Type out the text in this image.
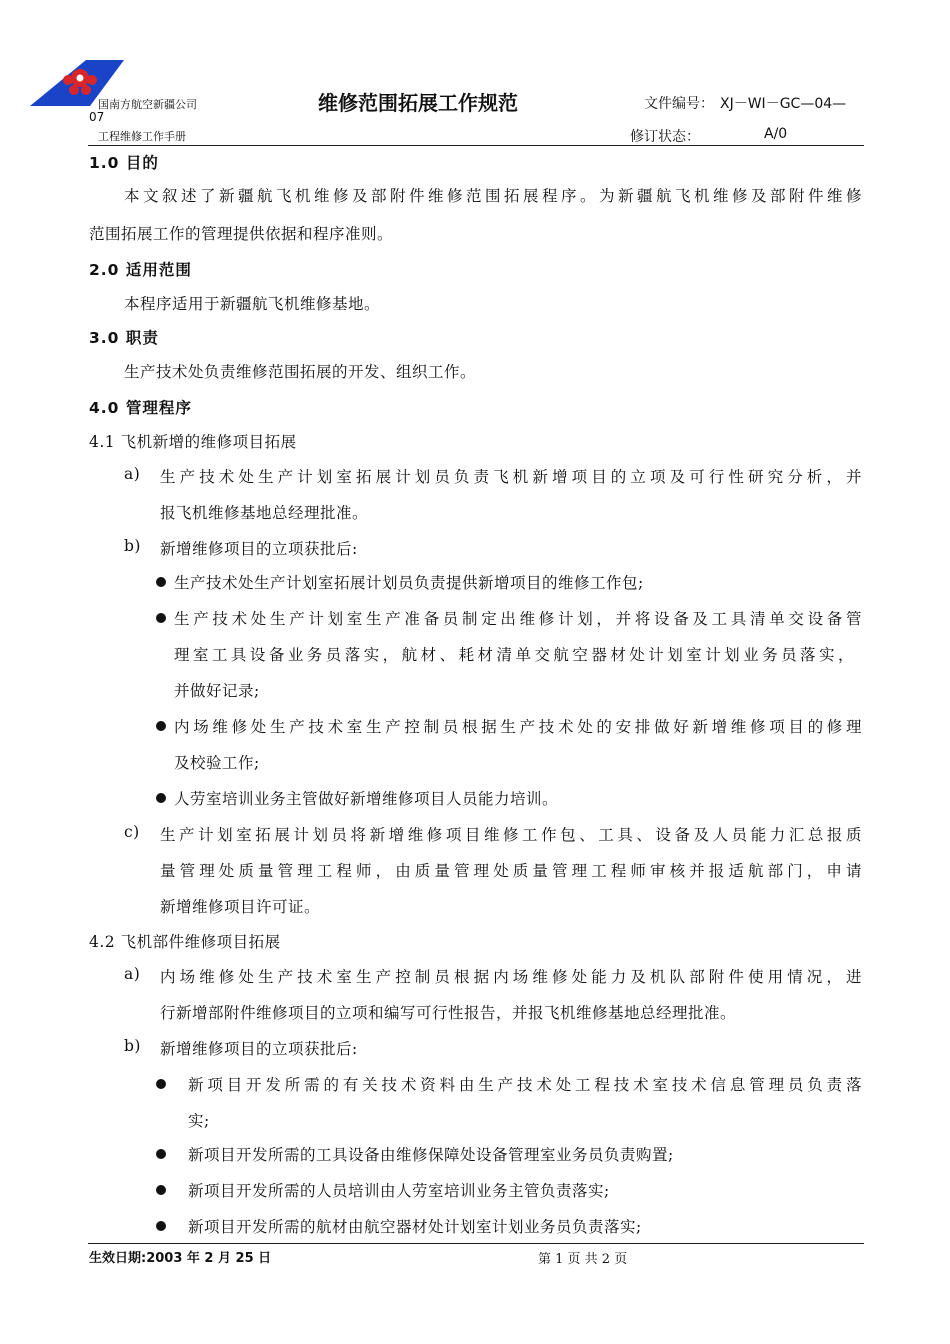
国南方航空新疆公司	维修范围拓展工作规范	文件编号： XJ－WI－GC—04—
07
工程维修工作手册	修订状态：	A/0
1.0 目的
本文叙述了新疆航飞机维修及部附件维修范围拓展程序。为新疆航飞机维修及部附件维修
范围拓展工作的管理提供依据和程序准则。
2.0 适用范围
本程序适用于新疆航飞机维修基地。
3.0 职责
生产技术处负责维修范围拓展的开发、组织工作。
4.0 管理程序
4.1 飞机新增的维修项目拓展
a) 生产技术处生产计划室拓展计划员负责飞机新增项目的立项及可行性研究分析，并
报飞机维修基地总经理批准。
b) 新增维修项目的立项获批后:
生产技术处生产计划室拓展计划员负责提供新增项目的维修工作包;
生产技术处生产计划室生产准备员制定出维修计划，并将设备及工具清单交设备管
理室工具设备业务员落实，航材、耗材清单交航空器材处计划室计划业务员落实，
并做好记录;
内场维修处生产技术室生产控制员根据生产技术处的安排做好新增维修项目的修理
及校验工作;
人劳室培训业务主管做好新增维修项目人员能力培训。
c) 生产计划室拓展计划员将新增维修项目维修工作包、工具、设备及人员能力汇总报质
量管理处质量管理工程师，由质量管理处质量管理工程师审核并报适航部门，申请
新增维修项目许可证。
4.2 飞机部件维修项目拓展
a) 内场维修处生产技术室生产控制员根据内场维修处能力及机队部附件使用情况，进
行新增部附件维修项目的立项和编写可行性报告，并报飞机维修基地总经理批准。
b) 新增维修项目的立项获批后:
新项目开发所需的有关技术资料由生产技术处工程技术室技术信息管理员负责落
实;
新项目开发所需的工具设备由维修保障处设备管理室业务员负责购置;
新项目开发所需的人员培训由人劳室培训业务主管负责落实;
新项目开发所需的航材由航空器材处计划室计划业务员负责落实;
生效日期:2003 年 2 月 25 日	第 1 页 共 2 页
